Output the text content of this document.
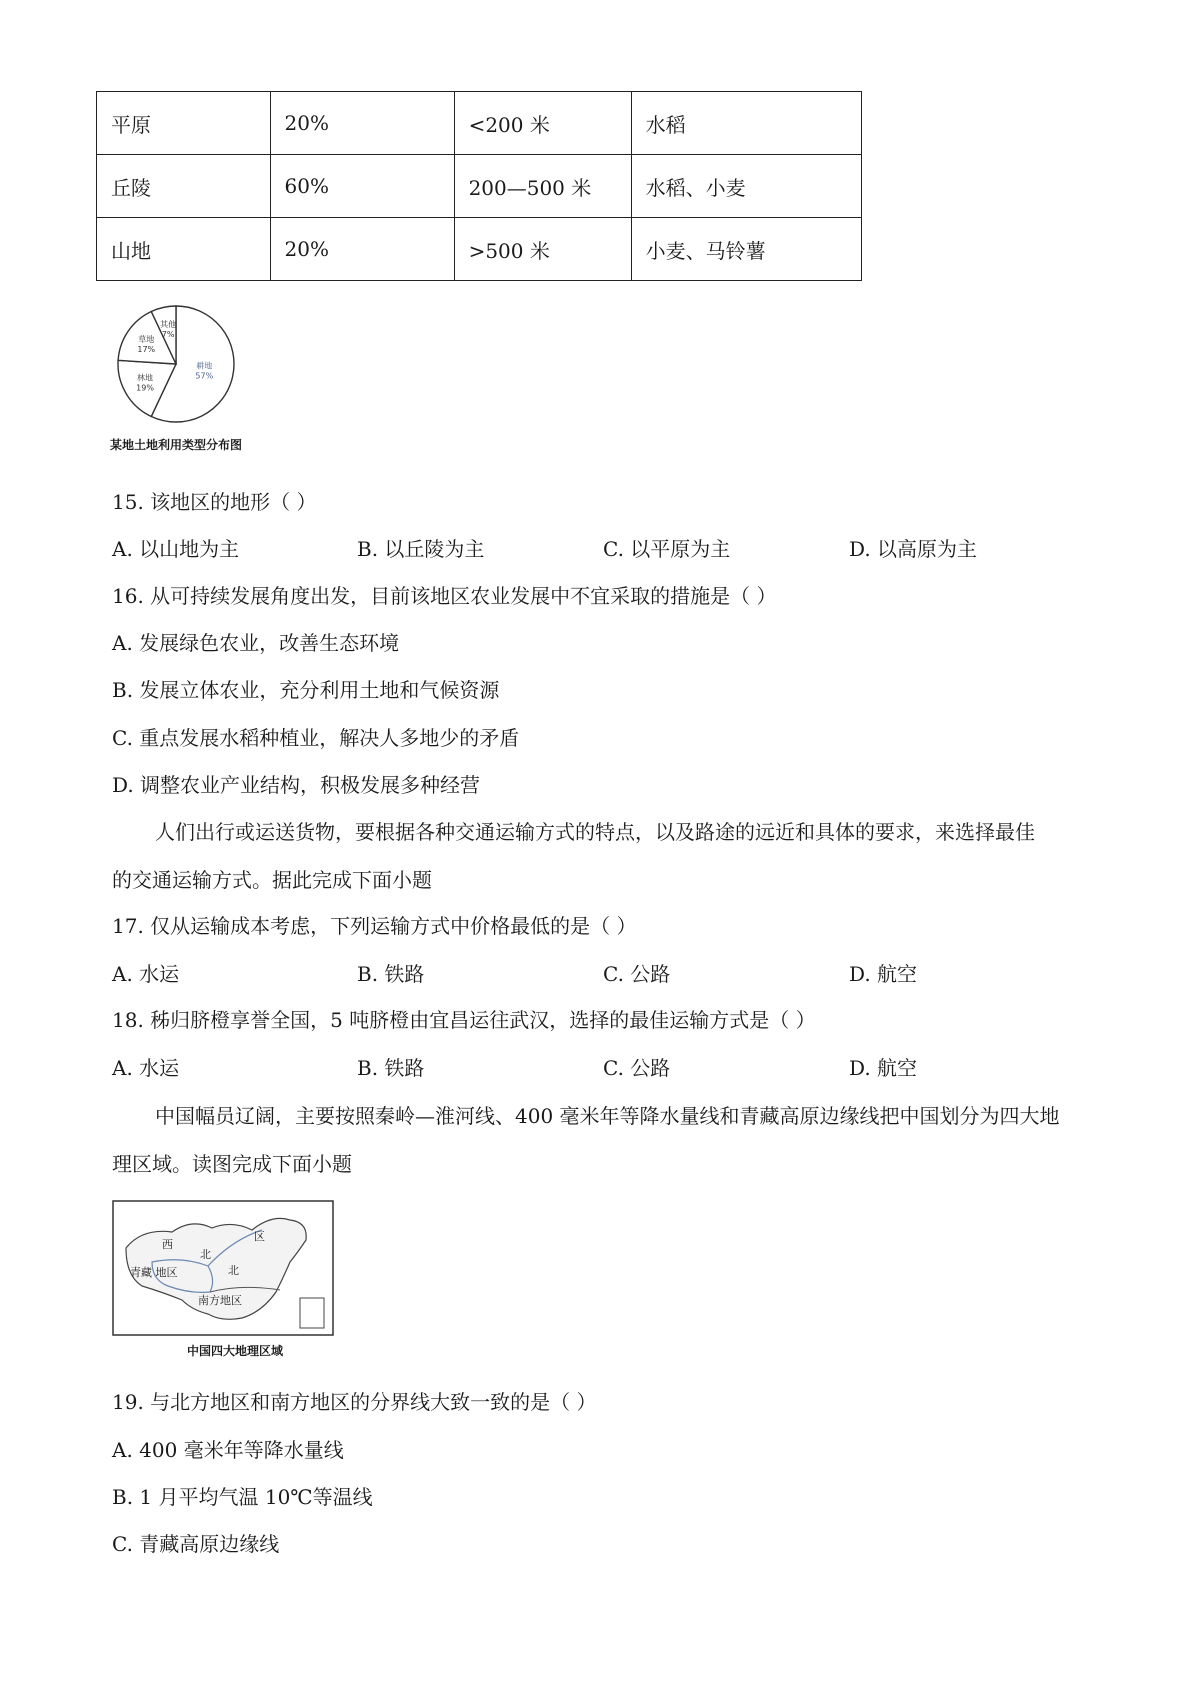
平原	20%	<200 米	水稻
丘陵	60%	200—500 米	水稻、小麦
山地	20%	>500 米	小麦、马铃薯
耕地
57%
林地
19%
草地
17%
其他
7%
某地土地利用类型分布图
15. 该地区的地形（ ）
A. 以山地为主	B. 以丘陵为主	C. 以平原为主	D. 以高原为主
16. 从可持续发展角度出发，目前该地区农业发展中不宜采取的措施是（ ）
A. 发展绿色农业，改善生态环境
B. 发展立体农业，充分利用土地和气候资源
C. 重点发展水稻种植业，解决人多地少的矛盾
D. 调整农业产业结构，积极发展多种经营
人们出行或运送货物，要根据各种交通运输方式的特点，以及路途的远近和具体的要求，来选择最佳
的交通运输方式。据此完成下面小题
17. 仅从运输成本考虑，下列运输方式中价格最低的是（ ）
A. 水运	B. 铁路	C. 公路	D. 航空
18. 秭归脐橙享誉全国，5 吨脐橙由宜昌运往武汉，选择的最佳运输方式是（ ）
A. 水运	B. 铁路	C. 公路	D. 航空
中国幅员辽阔，主要按照秦岭—淮河线、400 毫米年等降水量线和青藏高原边缘线把中国划分为四大地
理区域。读图完成下面小题
西
北
区
青藏 地区	北
南方地区
中国四大地理区域
19. 与北方地区和南方地区的分界线大致一致的是（ ）
A. 400 毫米年等降水量线
B. 1 月平均气温 10℃等温线
C. 青藏高原边缘线
